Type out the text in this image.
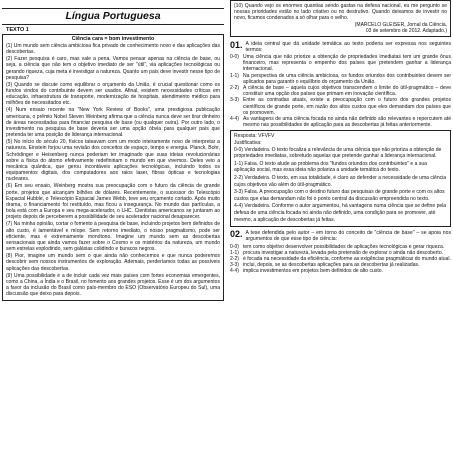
Língua Portuguesa
TEXTO 1
Ciência cara = bom investimento

(1) Um mundo sem ciência ambiciosa fica privado de conhecimento novo e das aplicações das descobertas.

(2) Fazer pesquisa é caro, mas vale a pena. Vamos pensar apenas na ciência de base, ou seja, a ciência que não tem o objetivo imediato de ser "útil", via aplicações tecnológicas ou gerando riqueza, cuja meta é investigar a natureza. Quanto um país deve investir nesse tipo de pesquisa?

(3) Quando se discute como equilibrar o orçamento da União, é crucial questionar como os fundos vindos do contribuinte devem ser usados. Afinal, existem necessidades críticas em educação, infraestrutura de transporte, modernização de hospitais, atendimento médico para milhões de necessitados etc.

(4) Num ensaio recente na "New York Review of Books", uma prestigiosa publicação americana, o prêmio Nobel Steven Weinberg afirma que a ciência nunca deve ser tirar dinheiro de áreas necessitadas para financiar pesquisa de base (ou qualquer outra). Por outro lado, o investimento na pesquisa de base deveria ser uma opção óbvia para qualquer país que pretenda ter uma posição de liderança internacional.

(5) No início do século 20, físicos tateavam com um modo inteiramente novo de interpretar a natureza. Einstein forjou uma revisão dos conceitos de espaço, tempo e energia. Planck, Bohr, Schrödinger e Heisenberg nunca poderiam ter imaginado que suas ideias revolucionárias sobre a física do átomo efetivamente redefiniriam o mundo em que vivemos. Deles veio a mecânica quântica, que gerou incontáveis aplicações tecnológicas, incluindo todos os equipamentos digitais, dos computadores aos raios laser, fibras ópticas e tecnologias nucleares.

(6) Em seu ensaio, Weinberg mostra sua preocupação com o futuro da ciência de grande porte, projetos que alcançam bilhões de dólares. Recentemente, o sucessor do Telescópio Espacial Hubble, o Telescópio Espacial James Webb, teve seu orçamento cortado. Após muito drama, o financiamento foi restituído, mas ficou a insegurança. No mundo das partículas, a bola está com a Europa e seu mega-acelerador, o LHC. Cientistas americanos se juntaram ao projeto depois de perceberem a possibilidade de seu acelerador nacional desaparecer.

(7) Na minha opinião, cortar o fomento à pesquisa de base, incluindo projetos bem definidos de alto custo, é lamentável e míope. Sem retorno imediato, o nosso pragmatismo, pode ser eficiente, mas é extremamente monótono. Imagine um mundo sem as descobertas sensacionais que ainda vamos fazer sobre o Cosmo e os mistérios da natureza, um mundo sem estrelas explodindo, sem galáxias colidindo e buracos negros.

(8) Pior, imagine um mundo sem o que ainda não conhecemos e que nunca poderemos descobrir sem nossos instrumentos de exploração. Ademais, perderíamos todas as possíveis aplicações das descobertas.

(9) Uma possibilidade é a de incluir cada vez mais países com fortes economias emergentes, como a China, a Índia e o Brasil, no fomento aos grandes projetos. Esse é um dos argumentos a favor da inclusão do Brasil como país-membro do ESO (Observatório Europeu do Sul), uma discussão que deixo para depois.

(10) Quando vejo os enormes quantias sendo gastas na defesa nacional, eu me pergunto se nossas prioridades estão no lado criativo ou no destrutivo. Quando deixamos de investir no novo, ficamos condenados a só olhar para o velho.

(MARCELO GLEISER, Jornal da Ciência,
03 de setembro de 2012. Adaptado.)
01. A ideia central que dá unidade temática ao texto poderia ser expressa nos seguintes termos:
0-0) Uma ciência que não priorize a obtenção de propriedades imediatas tem um grande ônus financeiro, mas representa o empenho dos países que pretendem ganhar a liderança internacional.
1-1) Na perspectiva de uma ciência ambiciosa, os fundos oriundos dos contribuintes devem ser aplicados para garantir o equilíbrio do orçamento da União.
2-2) A ciência de base – aquela cujos objetivos transcendem o limite do útil-pragmático – deve constituir uma opção dos países que primam em inovação científica.
3-3) Entre as contradas atuais, existe a preocupação com o futuro dos grandes projetos científicos de grande porte, em razão dos altos custos que eles demandam dos países que os promovem.
4-4) As vantagens de uma ciência focada no ainda não definido são relevantes e repercutem até mesmo nas possibilidades de aplicação para as descobertas já feitas anteriormente.
Resposta: VFVFV
Justificativa:
0-0) Verdadeira. O texto focaliza a relevância de uma ciência que não prioriza a obtenção de propriedades imediatas, sobretudo aquelas que pretende ganhar a liderança internacional.
1-1) Falsa. O texto alude ao problema dos "fundos oriundos dos contribuintes" e a sua aplicação social, mas essa ideia não polariza a unidade temática do texto.
2-2) Verdadeira. O texto, em sua totalidade, é claro ao defender a necessidade de uma ciência cujos objetivos vão além do útil-pragmático.
3-3) Falsa. A preocupação com o destino futuro das pesquisas de grande porte e com os altos custos que elas demandam não foi o ponto central da discussão empreendida no texto.
4-4) Verdadeira. Conforme o autor argumentou, há vantagens numa ciência que se define pela defesa de uma ciência focada no ainda não definido, uma condição para se promover, até mesmo, a aplicação de descobertas já feitas.
02. A tese defendida pelo autor – em torno do conceito de "ciência de base" – se apoia nos argumentos de que esse tipo de ciência:
0-0) tem como objetivo desenvolver possibilidades de aplicações tecnológicas e gerar riqueza.
1-1) procura investigar a natureza, levada pela pretensão de explorar o ainda não descoberto.
2-2) é focada na necessidade da eficiência, conforme as exigências pragmáticas do mundo atual.
3-3) inclui, depois, se as descobertas aplicações para as descobertas já realizadas.
4-4) implica investimentos em projetos bem definidos de alto custo.
